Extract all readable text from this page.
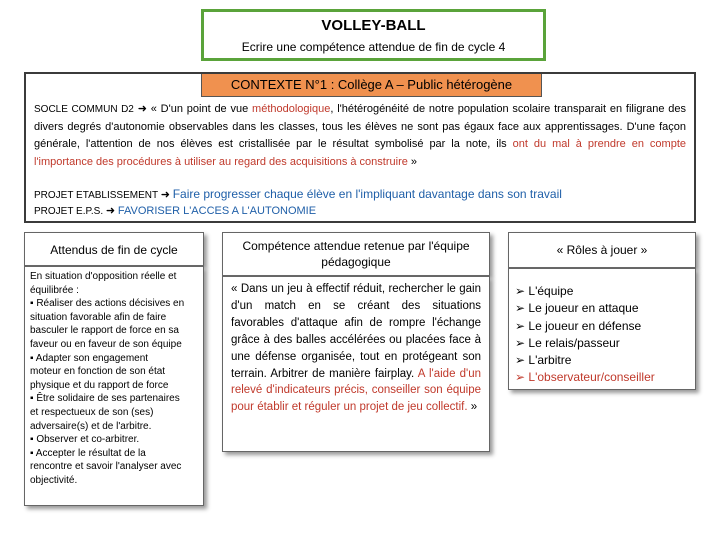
VOLLEY-BALL
Ecrire une compétence attendue de fin de cycle 4
CONTEXTE N°1 : Collège A – Public hétérogène
SOCLE COMMUN D2 ➜ « D'un point de vue méthodologique, l'hétérogénéité de notre population scolaire transparait en filigrane des divers degrés d'autonomie observables dans les classes, tous les élèves ne sont pas égaux face aux apprentissages. D'une façon générale, l'attention de nos élèves est cristallisée par le résultat symbolisé par la note, ils ont du mal à prendre en compte l'importance des procédures à utiliser au regard des acquisitions à construire »
PROJET ETABLISSEMENT ➜ Faire progresser chaque élève en l'impliquant davantage dans son travail
PROJET E.P.S. ➜ FAVORISER L'ACCES A L'AUTONOMIE
Attendus de fin de cycle
En situation d'opposition réelle et
équilibrée :
▪ Réaliser des actions décisives en
situation favorable afin de faire
basculer le rapport de force en sa
faveur ou en faveur de son équipe
▪ Adapter son engagement
moteur en fonction de son état
physique et du rapport de force
▪ Être solidaire de ses partenaires
et respectueux de son (ses)
adversaire(s) et de l'arbitre.
▪ Observer et co-arbitrer.
▪ Accepter le résultat de la
rencontre et savoir l'analyser avec
objectivité.
Compétence attendue retenue par l'équipe pédagogique
« Dans un jeu à effectif réduit, rechercher le gain d'un match en se créant des situations favorables d'attaque afin de rompre l'échange grâce à des balles accélérées ou placées face à une défense organisée, tout en protégeant son terrain. Arbitrer de manière fairplay. A l'aide d'un relevé d'indicateurs précis, conseiller son équipe pour établir et réguler un projet de jeu collectif. »
« Rôles à jouer »
➢ L'équipe
➢ Le joueur en attaque
➢ Le joueur en défense
➢ Le relais/passeur
➢ L'arbitre
➢ L'observateur/conseiller
